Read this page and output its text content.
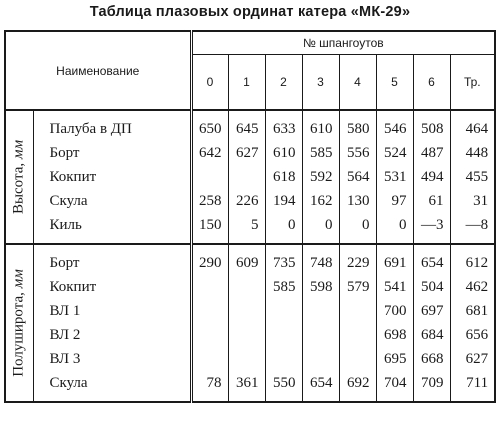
Таблица плазовых ординат катера «МК-29»
Наименование		№ шпангоутов							
		0	1	2	3	4	5	6	Тр.

Высота, мм									

	Палуба в ДП	650	645	633	610	580	546	508	464
	Борт	642	627	610	585	556	524	487	448
	Кокпит			618	592	564	531	494	455
	Скула	258	226	194	162	130	97	61	31
	Киль	150	5	0	0	0	0	—3	—8

Полуширота, мм									

	Борт	290	609	735	748	229	691	654	612
	Кокпит			585	598	579	541	504	462
	ВЛ 1						700	697	681
	ВЛ 2						698	684	656
	ВЛ 3						695	668	627
	Скула	78	361	550	654	692	704	709	711
